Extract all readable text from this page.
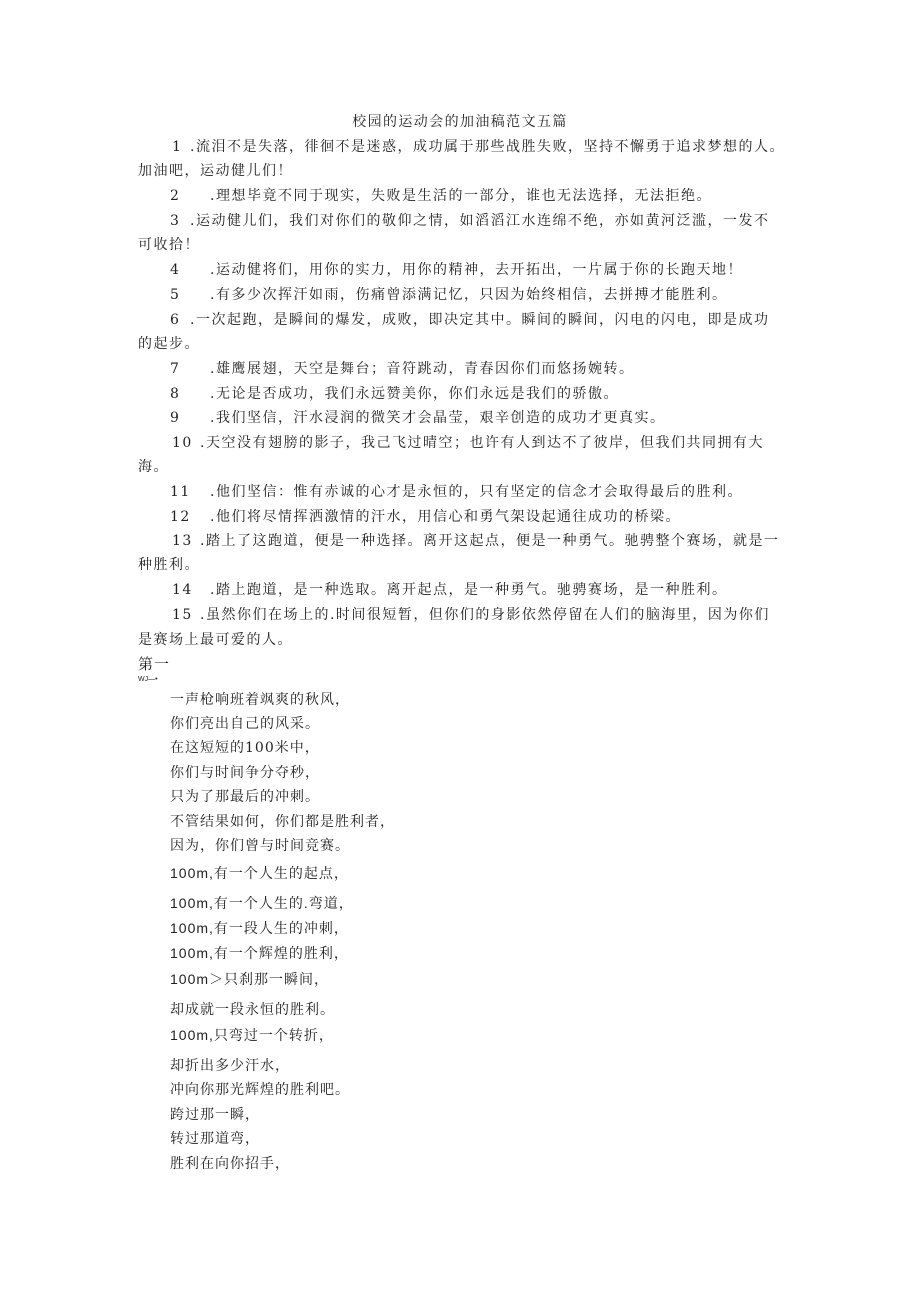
校园的运动会的加油稿范文五篇
1 .流泪不是失落，徘徊不是迷惑，成功属于那些战胜失败，坚持不懈勇于追求梦想的人。
加油吧，运动健儿们！
2 .理想毕竟不同于现实，失败是生活的一部分，谁也无法选择，无法拒绝。
3 .运动健儿们，我们对你们的敬仰之情，如滔滔江水连绵不绝，亦如黄河泛滥，一发不
可收拾！
4 .运动健将们，用你的实力，用你的精神，去开拓出，一片属于你的长跑天地！
5 .有多少次挥汗如雨，伤痛曾添满记忆，只因为始终相信，去拼搏才能胜利。
6 .一次起跑，是瞬间的爆发，成败，即决定其中。瞬间的瞬间，闪电的闪电，即是成功
的起步。
7 .雄鹰展翅，天空是舞台；音符跳动，青春因你们而悠扬婉转。
8 .无论是否成功，我们永远赞美你，你们永远是我们的骄傲。
9 .我们坚信，汗水浸润的微笑才会晶莹，艰辛创造的成功才更真实。
10 .天空没有翅膀的影子，我己飞过晴空；也许有人到达不了彼岸，但我们共同拥有大
海。
11 .他们坚信：惟有赤诚的心才是永恒的，只有坚定的信念才会取得最后的胜利。
12 .他们将尽情挥洒激情的汗水，用信心和勇气架设起通往成功的桥梁。
13 .踏上了这跑道，便是一种选择。离开这起点，便是一种勇气。驰骋整个赛场，就是一
种胜利。
14 .踏上跑道，是一种选取。离开起点，是一种勇气。驰骋赛场，是一种胜利。
15 .虽然你们在场上的.时间很短暂，但你们的身影依然停留在人们的脑海里，因为你们
是赛场上最可爱的人。
第一
WJ—•
一声枪响班着飒爽的秋风，
你们亮出自己的风采。
在这短短的100米中，
你们与时间争分夺秒，
只为了那最后的冲刺。
不管结果如何，你们都是胜利者，
因为，你们曾与时间竞赛。
100m,有一个人生的起点，
100m,有一个人生的.弯道，
100m,有一段人生的冲刺，
100m,有一个辉煌的胜利，
100m＞只刹那一瞬间，
却成就一段永恒的胜利。
100m,只弯过一个转折，
却折出多少汗水，
冲向你那光辉煌的胜利吧。
跨过那一瞬，
转过那道弯，
胜利在向你招手，
